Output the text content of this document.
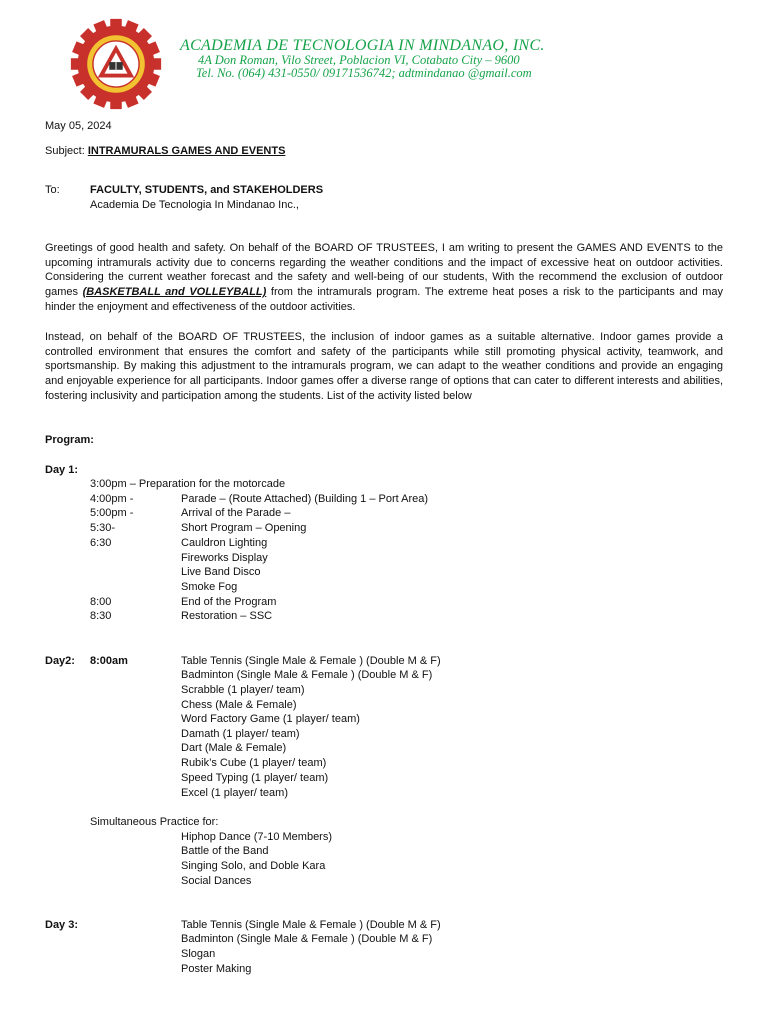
ACADEMIA DE TECNOLOGIA IN MINDANAO, INC.

4A Don Roman, Vilo Street, Poblacion VI, Cotabato City – 9600

Tel. No. (064) 431-0550/ 09171536742; adtmindanao @gmail.com

May 05, 2024

Subject: INTRAMURALS GAMES AND EVENTS

To:	FACULTY, STUDENTS, and STAKEHOLDERS

Academia De Tecnologia In Mindanao Inc.,

Greetings of good health and safety. On behalf of the BOARD OF TRUSTEES, I am writing to present the GAMES AND EVENTS to the upcoming intramurals activity due to concerns regarding the weather conditions and the impact of excessive heat on outdoor activities. Considering the current weather forecast and the safety and well-being of our students, With the recommend the exclusion of outdoor games (BASKETBALL and VOLLEYBALL) from the intramurals program. The extreme heat poses a risk to the participants and may hinder the enjoyment and effectiveness of the outdoor activities.

Instead, on behalf of the BOARD OF TRUSTEES, the inclusion of indoor games as a suitable alternative. Indoor games provide a controlled environment that ensures the comfort and safety of the participants while still promoting physical activity, teamwork, and sportsmanship. By making this adjustment to the intramurals program, we can adapt to the weather conditions and provide an engaging and enjoyable experience for all participants. Indoor games offer a diverse range of options that can cater to different interests and abilities, fostering inclusivity and participation among the students. List of the activity listed below

Program:

Day 1:

3:00pm – Preparation for the motorcade

4:00pm -	Parade – (Route Attached) (Building 1 – Port Area)
5:00pm -	Arrival of the Parade –
5:30-	Short Program – Opening
6:30	Cauldron Lighting
Fireworks Display
Live Band Disco
Smoke Fog
8:00	End of the Program
8:30	Restoration – SSC

Day2: 8:00am	Table Tennis (Single Male & Female ) (Double M & F)

Badminton (Single Male & Female ) (Double M & F)

Scrabble (1 player/ team)

Chess (Male & Female)

Word Factory Game (1 player/ team)

Damath (1 player/ team)

Dart (Male & Female)

Rubik’s Cube (1 player/ team)

Speed Typing (1 player/ team)

Excel (1 player/ team)

Simultaneous Practice for:

Hiphop Dance (7-10 Members)

Battle of the Band

Singing Solo, and Doble Kara

Social Dances

Day 3:	Table Tennis (Single Male & Female ) (Double M & F)

Badminton (Single Male & Female ) (Double M & F)

Slogan

Poster Making
